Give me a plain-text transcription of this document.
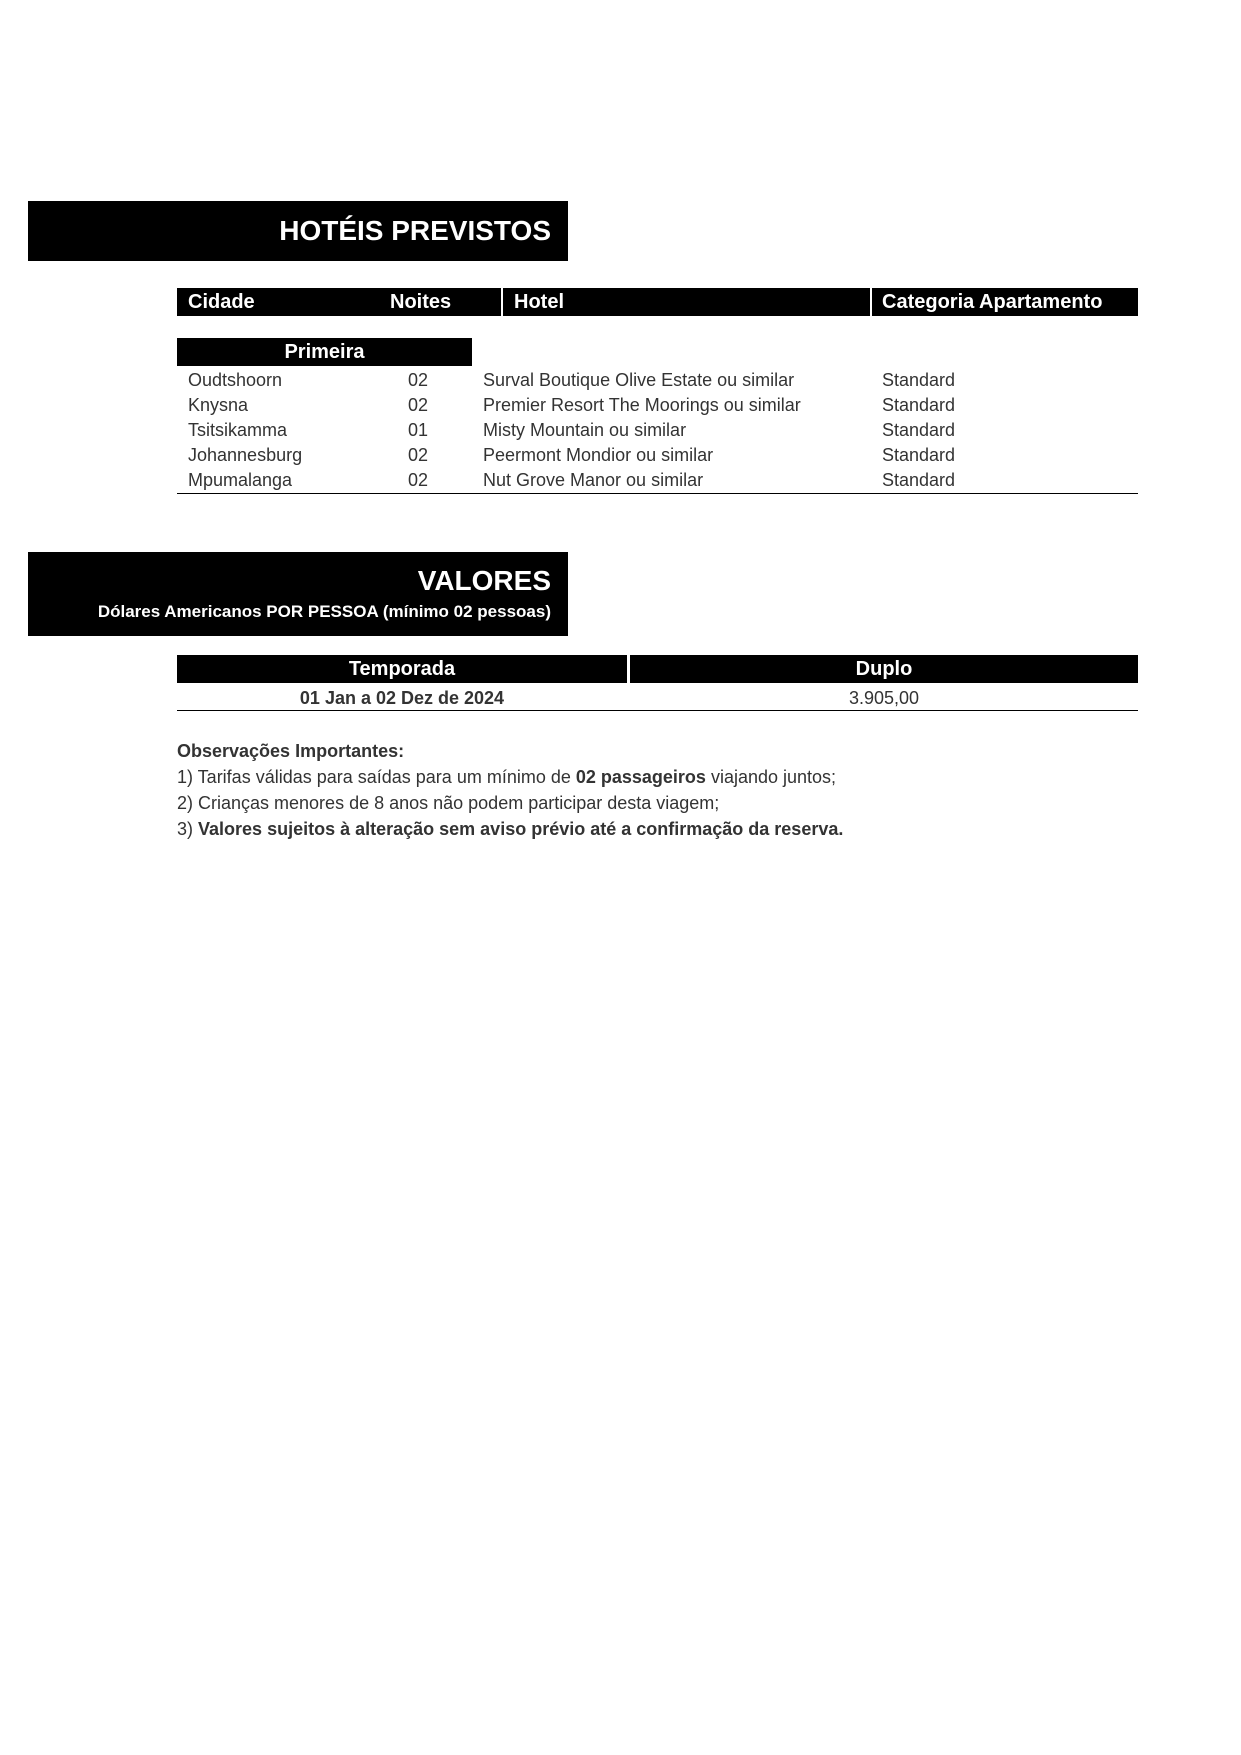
HOTÉIS PREVISTOS
Cidade	Noites	Hotel	Categoria Apartamento
Primeira
Oudtshoorn	02	Surval Boutique Olive Estate ou similar	Standard
Knysna	02	Premier Resort The Moorings ou similar	Standard
Tsitsikamma	01	Misty Mountain ou similar	Standard
Johannesburg	02	Peermont Mondior ou similar	Standard
Mpumalanga	02	Nut Grove Manor ou similar	Standard
VALORES
Dólares Americanos POR PESSOA (mínimo 02 pessoas)
Temporada	Duplo
01 Jan a 02 Dez de 2024	3.905,00
Observações Importantes:
1) Tarifas válidas para saídas para um mínimo de 02 passageiros viajando juntos;
2) Crianças menores de 8 anos não podem participar desta viagem;
3) Valores sujeitos à alteração sem aviso prévio até a confirmação da reserva.
